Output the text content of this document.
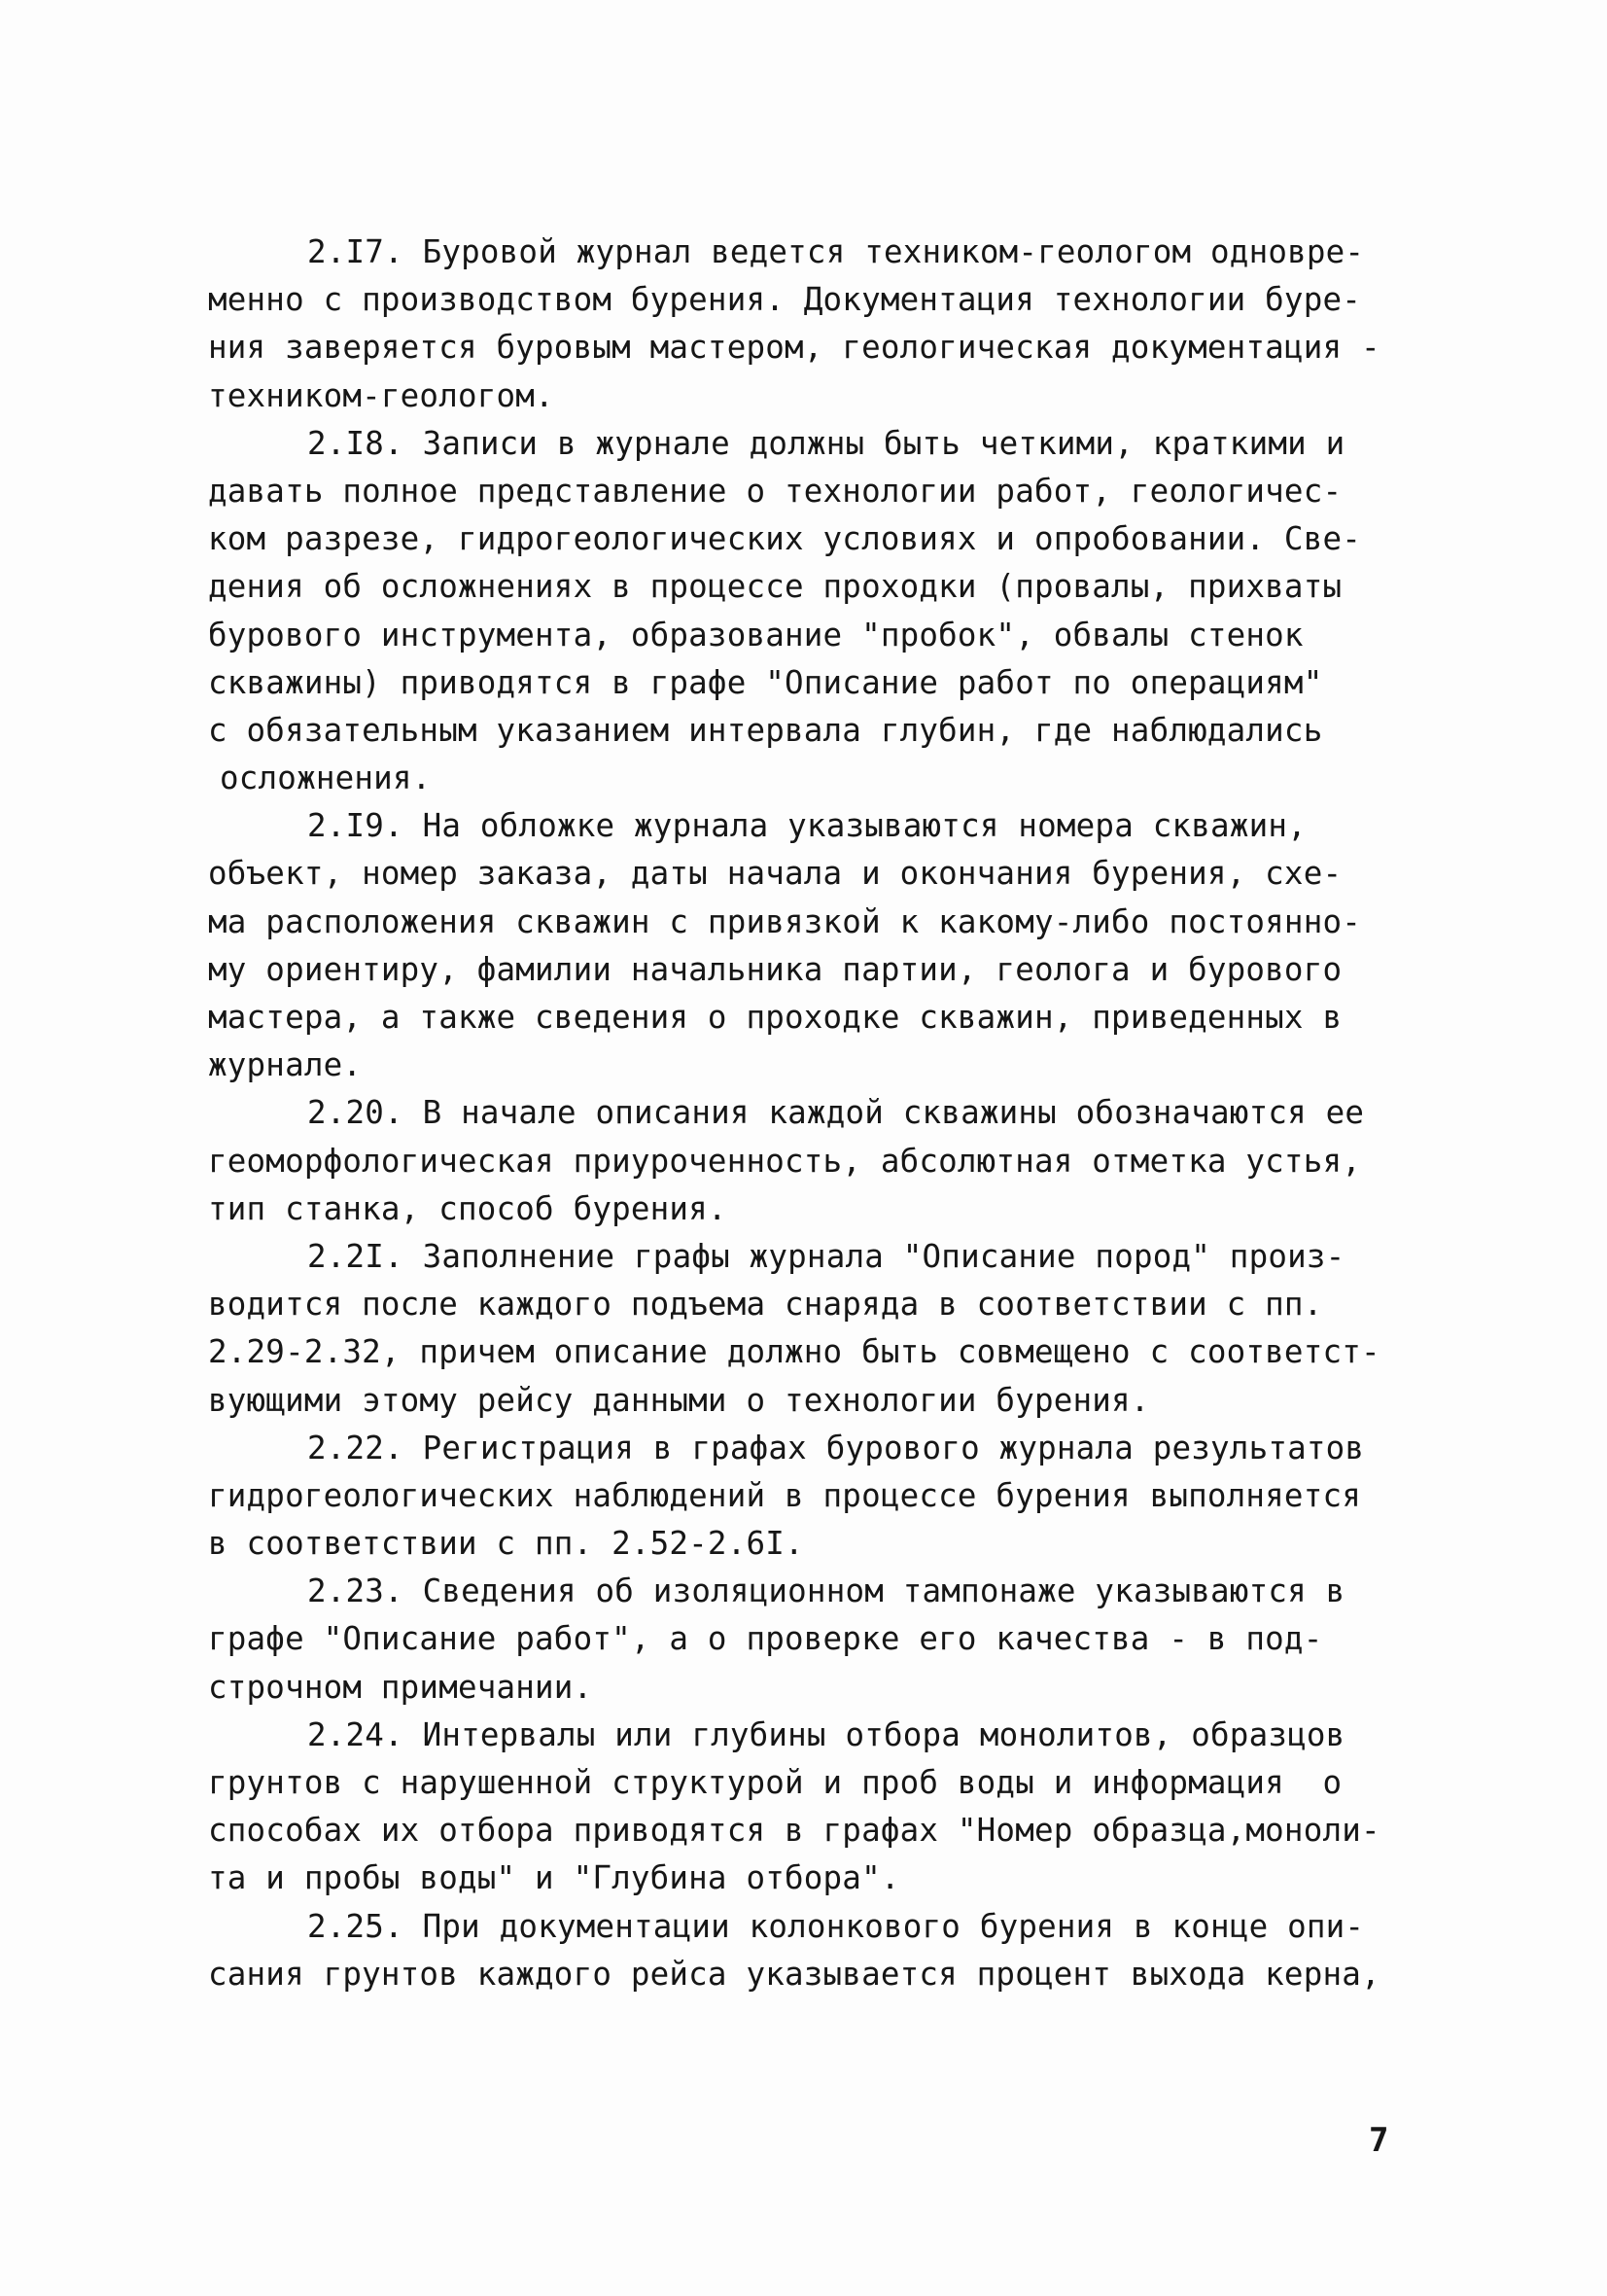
2.I7. Буровой журнал ведется техником-геологом одновре-
менно с производством бурения. Документация технологии буре-
ния заверяется буровым мастером, геологическая документация -
техником-геологом.
2.I8. Записи в журнале должны быть четкими, краткими и
давать полное представление о технологии работ, геологичес-
ком разрезе, гидрогеологических условиях и опробовании. Све-
дения об осложнениях в процессе проходки (провалы, прихваты
бурового инструмента, образование "пробок", обвалы стенок
скважины) приводятся в графе "Описание работ по операциям"
с обязательным указанием интервала глубин, где наблюдались
осложнения.
2.I9. На обложке журнала указываются номера скважин,
объект, номер заказа, даты начала и окончания бурения, схе-
ма расположения скважин с привязкой к какому-либо постоянно-
му ориентиру, фамилии начальника партии, геолога и бурового
мастера, а также сведения о проходке скважин, приведенных в
журнале.
2.20. В начале описания каждой скважины обозначаются ее
геоморфологическая приуроченность, абсолютная отметка устья,
тип станка, способ бурения.
2.2I. Заполнение графы журнала "Описание пород" произ-
водится после каждого подъема снаряда в соответствии с пп.
2.29-2.32, причем описание должно быть совмещено с соответст-
вующими этому рейсу данными о технологии бурения.
2.22. Регистрация в графах бурового журнала результатов
гидрогеологических наблюдений в процессе бурения выполняется
в соответствии с пп. 2.52-2.6I.
2.23. Сведения об изоляционном тампонаже указываются в
графе "Описание работ", а о проверке его качества - в под-
строчном примечании.
2.24. Интервалы или глубины отбора монолитов, образцов
грунтов с нарушенной структурой и проб воды и информация  о
способах их отбора приводятся в графах "Номер образца,моноли-
та и пробы воды" и "Глубина отбора".
2.25. При документации колонкового бурения в конце опи-
сания грунтов каждого рейса указывается процент выхода керна,
7
